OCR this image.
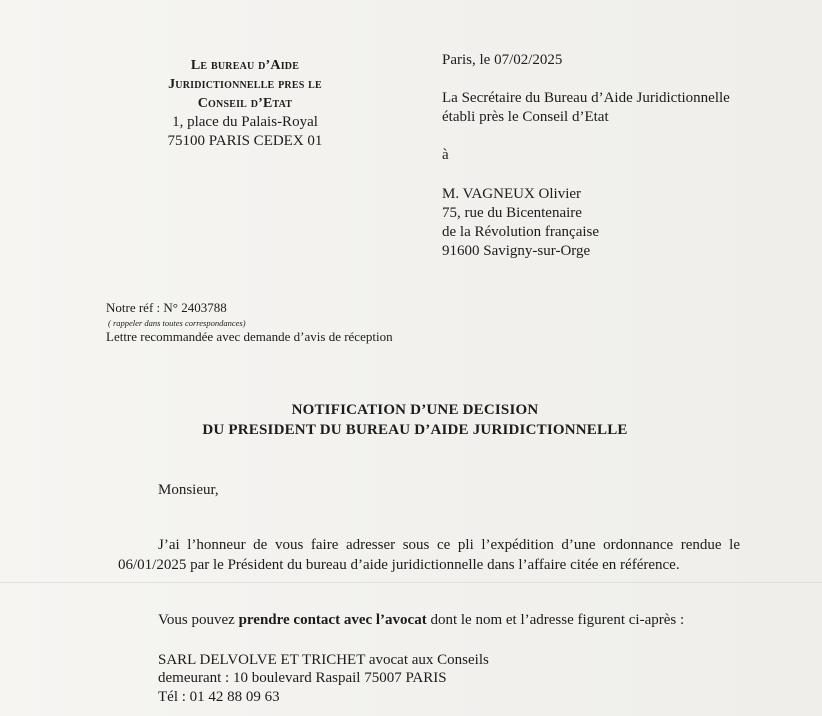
Le bureau d’Aide
Juridictionnelle pres le
Conseil d’Etat
1, place du Palais-Royal
75100 PARIS CEDEX 01
Paris, le 07/02/2025
La Secrétaire du Bureau d’Aide Juridictionnelle
établi près le Conseil d’Etat
à
M. VAGNEUX Olivier
75, rue du Bicentenaire
de la Révolution française
91600 Savigny-sur-Orge
Notre réf : N° 2403788
( rappeler dans toutes correspondances)
Lettre recommandée avec demande d’avis de réception
NOTIFICATION D’UNE DECISION
DU PRESIDENT DU BUREAU D’AIDE JURIDICTIONNELLE
Monsieur,
J’ai l’honneur de vous faire adresser sous ce pli l’expédition d’une ordonnance rendue le 06/01/2025 par le Président du bureau d’aide juridictionnelle dans l’affaire citée en référence.
Vous pouvez prendre contact avec l’avocat dont le nom et l’adresse figurent ci-après :
SARL DELVOLVE ET TRICHET avocat aux Conseils
demeurant : 10 boulevard Raspail 75007 PARIS
Tél : 01 42 88 09 63
